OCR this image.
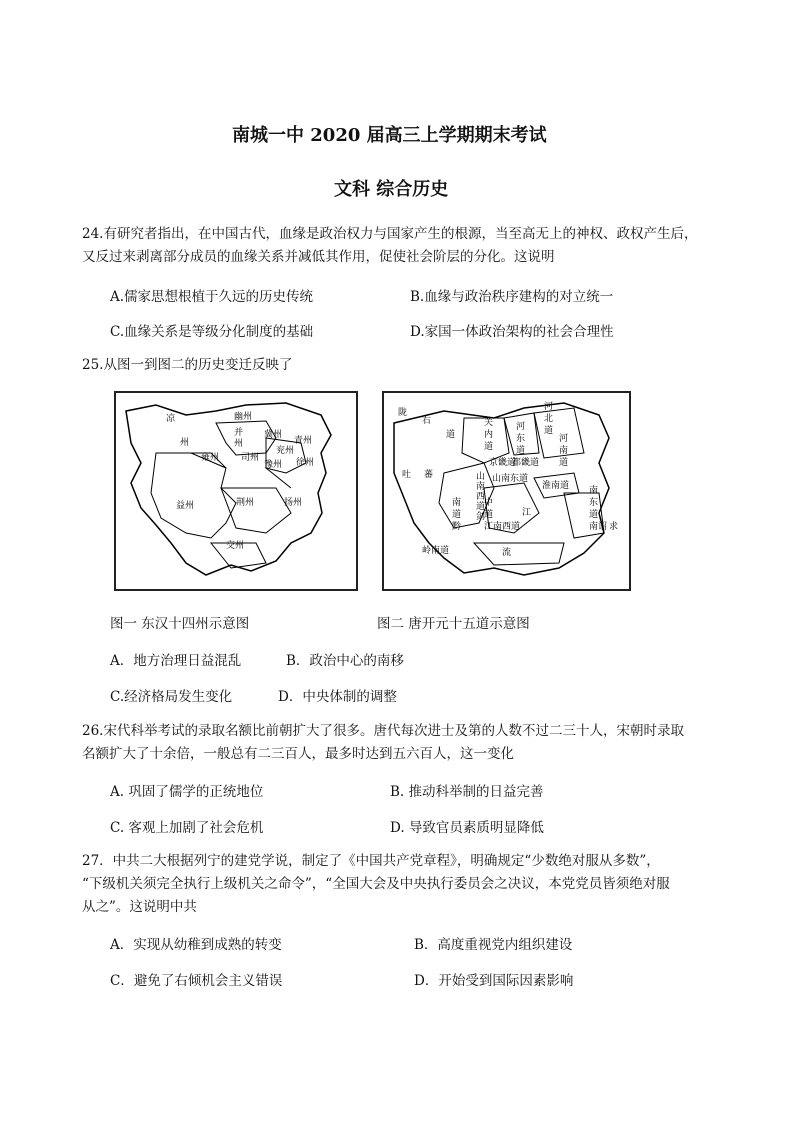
南城一中 2020 届高三上学期期末考试
文科 综合历史
24.有研究者指出，在中国古代，血缘是政治权力与国家产生的根源，当至高无上的神权、政权产生后，
又反过来剥离部分成员的血缘关系并减低其作用，促使社会阶层的分化。这说明
A.儒家思想根植于久远的历史传统	B.血缘与政治秩序建构的对立统一
C.血缘关系是等级分化制度的基础	D.家国一体政治架构的社会合理性
25.从图一到图二的历史变迁反映了
凉
州
幽州
并
州
冀州
青州
兖州
雍州 司州
豫州 徐州
益州	荆州	扬州
交州
陇
右
道
关
内
道
河
北
道
河
东
道
河
南
道
京畿道
都畿道
山南东道
淮南道
吐 蕃	山
南
西
道
剑
南
道
黔
中
道
江南西道
江
南
东
道
南诏
岭南道	流
求
图一 东汉十四州示意图	图二 唐开元十五道示意图
A．地方治理日益混乱	B．政治中心的南移
C.经济格局发生变化	D．中央体制的调整
26.宋代科举考试的录取名额比前朝扩大了很多。唐代每次进士及第的人数不过二三十人，宋朝时录取
名额扩大了十余倍，一般总有二三百人，最多时达到五六百人，这一变化
A. 巩固了儒学的正统地位	B. 推动科举制的日益完善
C. 客观上加剧了社会危机	D. 导致官员素质明显降低
27．中共二大根据列宁的建党学说，制定了《中国共产党章程》，明确规定“少数绝对服从多数”，
“下级机关须完全执行上级机关之命令”，“全国大会及中央执行委员会之决议，本党党员皆须绝对服
从之”。这说明中共
A．实现从幼稚到成熟的转变	B．高度重视党内组织建设
C．避免了右倾机会主义错误	D．开始受到国际因素影响
